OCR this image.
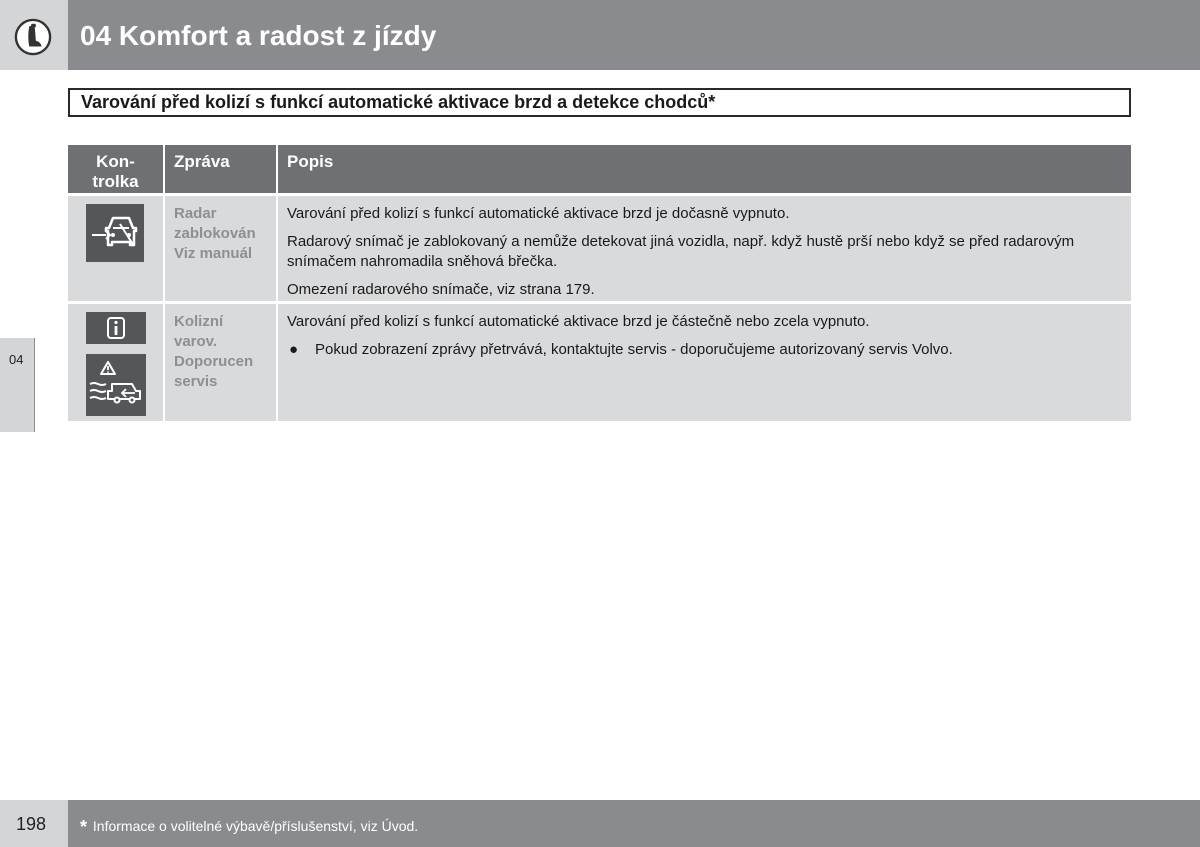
04 Komfort a radost z jízdy
Varování před kolizí s funkcí automatické aktivace brzd a detekce chodců*
Kon-
trolka
Zpráva	Popis
Radar
zablokován
Viz manuál

Varování před kolizí s funkcí automatické aktivace brzd je dočasně vypnuto.

Radarový snímač je zablokovaný a nemůže detekovat jiná vozidla, např. když hustě prší nebo když se před radarovým snímačem nahromadila sněhová břečka.

Omezení radarového snímače, viz strana 179.

Kolizní
varov.
Doporucen
servis

Varování před kolizí s funkcí automatické aktivace brzd je částečně nebo zcela vypnuto.

●	Pokud zobrazení zprávy přetrvává, kontaktujte servis - doporučujeme autorizovaný servis Volvo.
04
198 * Informace o volitelné výbavě/příslušenství, viz Úvod.
